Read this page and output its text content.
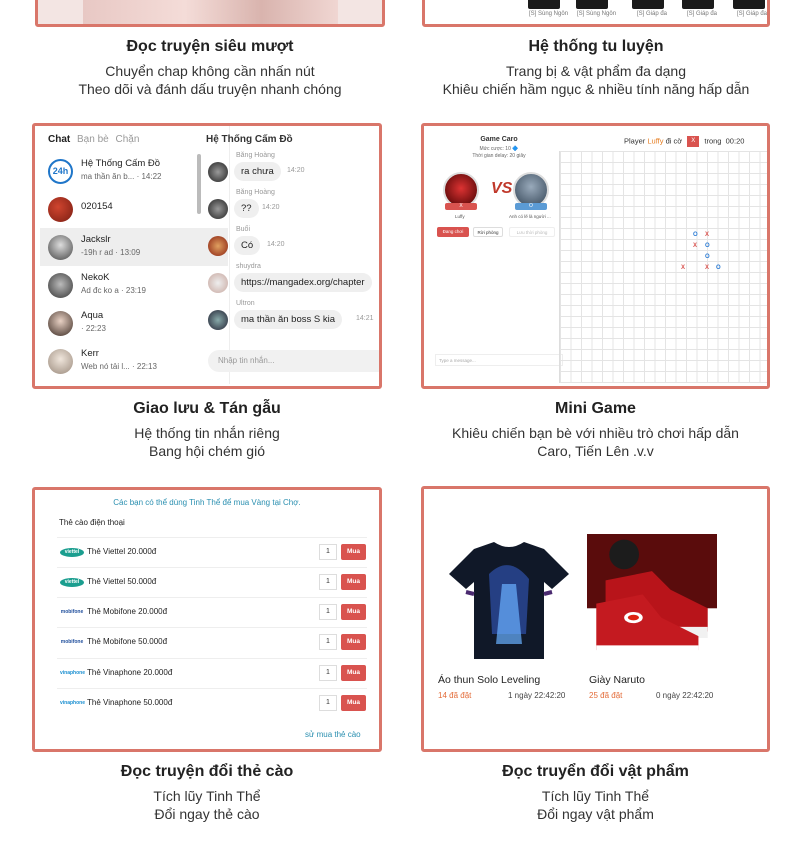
Đọc truyện siêu mượt
Chuyển chap không cần nhấn nút
Theo dõi và đánh dấu truyện nhanh chóng
[S] Sùng Ngôn [S] Sùng Ngôn	[S] Giáp đa	[S] Giáp đa	[S] Giáp đa
Hệ thống tu luyện
Trang bị & vật phẩm đa dạng
Khiêu chiến hầm ngục & nhiều tính năng hấp dẫn
Chat Bạn bè Chặn
24h
Hệ Thống Cấm Đồ
ma thần ăn b... · 14:22
020154
Jackslr
-19h r ad · 13:09
NekoK
Ad đc ko a · 23:19
Aqua
· 22:23
Kerr
Web nó tải l... · 22:13
Hệ Thống Cấm Đồ
Băng Hoàng
ra chưa	14:20
Băng Hoàng
??	14:20
Buổi
Có	14:20
shuydra
https://mangadex.org/chapter
Ultron
ma thần ăn boss S kia	14:21
Nhập tin nhắn...
Giao lưu & Tán gẫu
Hệ thống tin nhắn riêng
Bang hội chém gió
Game Caro
Mức cược: 10 🔷
Thời gian delay: 20 giây
X
Luffy
VS
O
Anh có lẽ là người ...
Đang chơi	Rời phòng	Lưu thời phòng
Type a message...
Player Luffy đi cờ X trong 00:20
O X
X O
O
X	X O
Mini Game
Khiêu chiến bạn bè với nhiều trò chơi hấp dẫn
Caro, Tiến Lên .v.v
Các bạn có thể dùng Tinh Thể để mua Vàng tại Chợ.
Thẻ cào điện thoại
viettel Thẻ Viettel 20.000đ	1	Mua
viettel Thẻ Viettel 50.000đ	1	Mua
mobifone Thẻ Mobifone 20.000đ	1	Mua
mobifone Thẻ Mobifone 50.000đ	1	Mua
vinaphone Thẻ Vinaphone 20.000đ	1	Mua
vinaphone Thẻ Vinaphone 50.000đ	1	Mua
sử mua thẻ cào
Đọc truyện đổi thẻ cào
Tích lũy Tinh Thể
Đổi ngay thẻ cào
Áo thun Solo Leveling
14 đã đặt	1 ngày 22:42:20
Giày Naruto
25 đã đặt	0 ngày 22:42:20
Đọc truyển đổi vật phẩm
Tích lũy Tinh Thể
Đổi ngay vật phẩm
